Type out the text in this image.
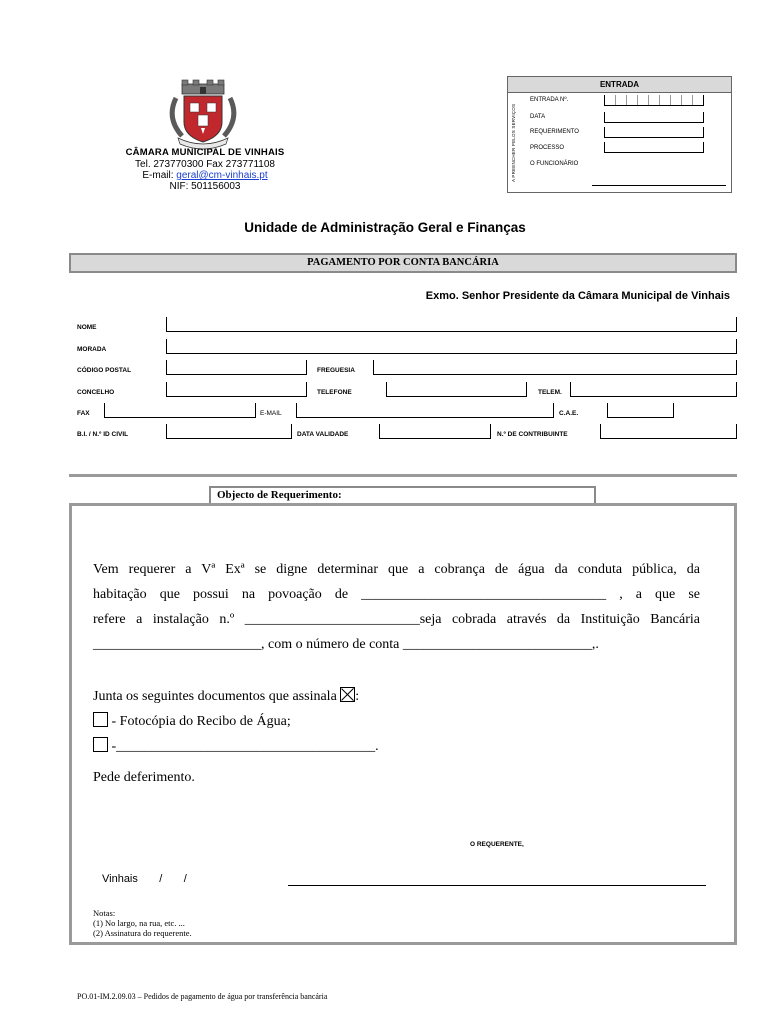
CÂMARA MUNICIPAL DE VINHAIS
Tel. 273770300 Fax 273771108
E-mail: geral@cm-vinhais.pt
NIF: 501156003
ENTRADA
A PREENCHER PELOS SERVIÇOS
ENTRADA Nº.
DATA
REQUERIMENTO
PROCESSO
O FUNCIONÁRIO
Unidade de Administração Geral e Finanças
PAGAMENTO POR CONTA BANCÁRIA
Exmo. Senhor Presidente da Câmara Municipal de Vinhais
NOME
MORADA
CÓDIGO POSTAL	FREGUESIA
CONCELHO	TELEFONE	TELEM.
FAX	E-MAIL	C.A.E.
B.I. / N.º ID CIVIL	DATA VALIDADE	N.º DE CONTRIBUINTE
Objecto de Requerimento:
Vem requerer a Vª Exª se digne determinar que a cobrança de água da conduta pública, da
habitação que possui na povoação de ___________________________________ , a que se
refere a instalação n.º _________________________seja cobrada através da Instituição Bancária
________________________, com o número de conta ___________________________,.
Junta os seguintes documentos que assinala :
- Fotocópia do Recibo de Água;
-_____________________________________.
Pede deferimento.
O REQUERENTE,
Vinhais       /       /
Notas:
(1) No largo, na rua, etc. ...
(2) Assinatura do requerente.
PO.01-IM.2.09.03 – Pedidos de pagamento de água por transferência bancária
